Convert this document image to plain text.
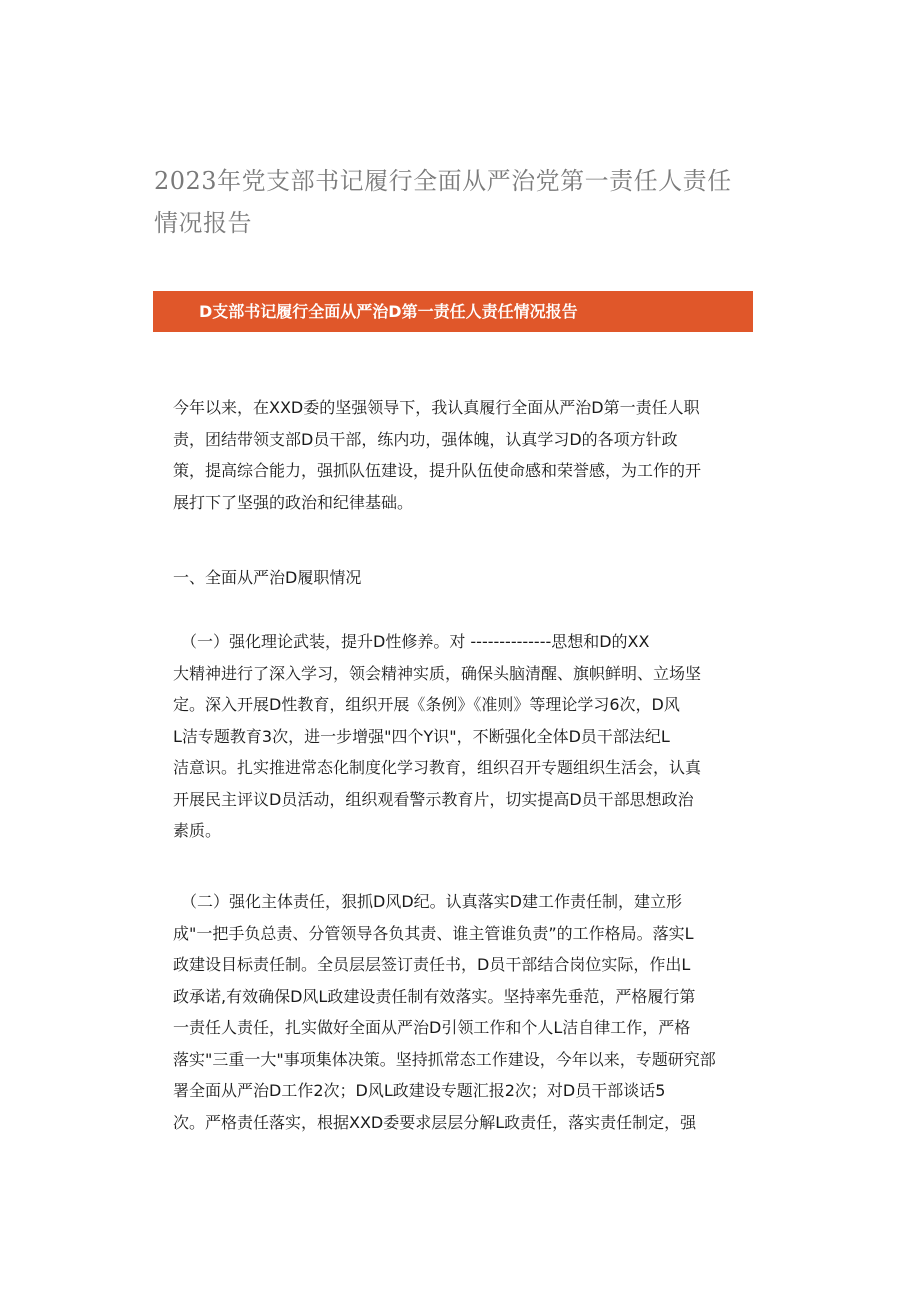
2023年党支部书记履行全面从严治党第一责任人责任
情况报告
D支部书记履行全面从严治D第一责任人责任情况报告

今年以来，在XXD委的坚强领导下，我认真履行全面从严治D第一责任人职
责，团结带领支部D员干部，练内功，强体魄，认真学习D的各项方针政
策，提高综合能力，强抓队伍建设，提升队伍使命感和荣誉感，为工作的开
展打下了坚强的政治和纪律基础。

一、全面从严治D履职情况

（一）强化理论武装，提升D性修养。对 --------------思想和D的XX
大精神进行了深入学习，领会精神实质，确保头脑清醒、旗帜鲜明、立场坚
定。深入开展D性教育，组织开展《条例》《准则》等理论学习6次，D风
L洁专题教育3次，进一步增强"四个Y识"，不断强化全体D员干部法纪L
洁意识。扎实推进常态化制度化学习教育，组织召开专题组织生活会，认真
开展民主评议D员活动，组织观看警示教育片，切实提高D员干部思想政治
素质。

（二）强化主体责任，狠抓D风D纪。认真落实D建工作责任制，建立形
成"一把手负总责、分管领导各负其责、谁主管谁负责”的工作格局。落实L
政建设目标责任制。全员层层签订责任书，D员干部结合岗位实际，作出L
政承诺,有效确保D风L政建设责任制有效落实。坚持率先垂范，严格履行第
一责任人责任，扎实做好全面从严治D引领工作和个人L洁自律工作，严格
落实"三重一大"事项集体决策。坚持抓常态工作建设，今年以来，专题研究部
署全面从严治D工作2次；D风L政建设专题汇报2次；对D员干部谈话5
次。严格责任落实，根据XXD委要求层层分解L政责任，落实责任制定，强
